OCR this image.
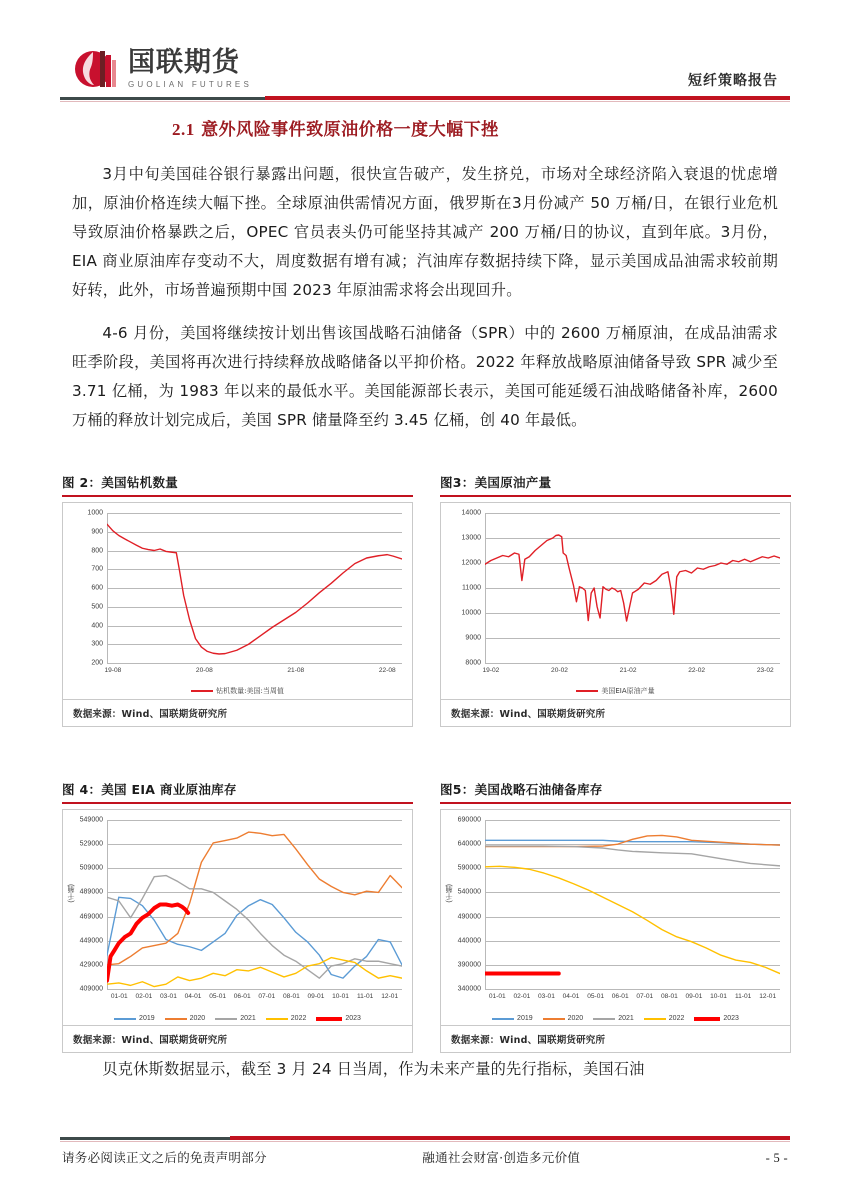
国联期货
GUOLIAN FUTURES	短纤策略报告
2.1 意外风险事件致原油价格一度大幅下挫

3月中旬美国硅谷银行暴露出问题，很快宣告破产，发生挤兑，市场对全球经济陷入衰退的忧虑增加，原油价格连续大幅下挫。全球原油供需情况方面，俄罗斯在3月份减产 50 万桶/日，在银行业危机导致原油价格暴跌之后，OPEC 官员表头仍可能坚持其减产 200 万桶/日的协议，直到年底。3月份，EIA 商业原油库存变动不大，周度数据有增有减；汽油库存数据持续下降，显示美国成品油需求较前期好转，此外，市场普遍预期中国 2023 年原油需求将会出现回升。

4-6 月份，美国将继续按计划出售该国战略石油储备（SPR）中的 2600 万桶原油，在成品油需求旺季阶段，美国将再次进行持续释放战略储备以平抑价格。2022 年释放战略原油储备导致 SPR 减少至 3.71 亿桶，为 1983 年以来的最低水平。美国能源部长表示，美国可能延缓石油战略储备补库，2600 万桶的释放计划完成后，美国 SPR 储量降至约 3.45 亿桶，创 40 年最低。

图 2：美国钻机数量
200
300
400
500
600
700
800
900
1000
19-08	20-08	21-08	22-08
钻机数量:美国:当周值
数据来源：Wind、国联期货研究所
图3：美国原油产量
8000
9000
10000
11000
12000
13000
14000
19-02	20-02	21-02	22-02	23-02
美国EIA原油产量
数据来源：Wind、国联期货研究所
图 4：美国 EIA 商业原油库存
409000
429000
449000
469000
489000
509000
529000
549000
01-01 02-01 03-01 04-01 05-01 06-01 07-01 08-01 09-01 10-01 11-01 12-01
(千桶)
2019	2020	2021	2022	2023
数据来源：Wind、国联期货研究所
图5：美国战略石油储备库存
340000
390000
440000
490000
540000
590000
640000
690000
01-01 02-01 03-01 04-01 05-01 06-01 07-01 08-01 09-01 10-01 11-01 12-01
(千桶)
2019	2020	2021	2022	2023
数据来源：Wind、国联期货研究所

贝克休斯数据显示，截至 3 月 24 日当周，作为未来产量的先行指标，美国石油

请务必阅读正文之后的免责声明部分	融通社会财富·创造多元价值	- 5 -
